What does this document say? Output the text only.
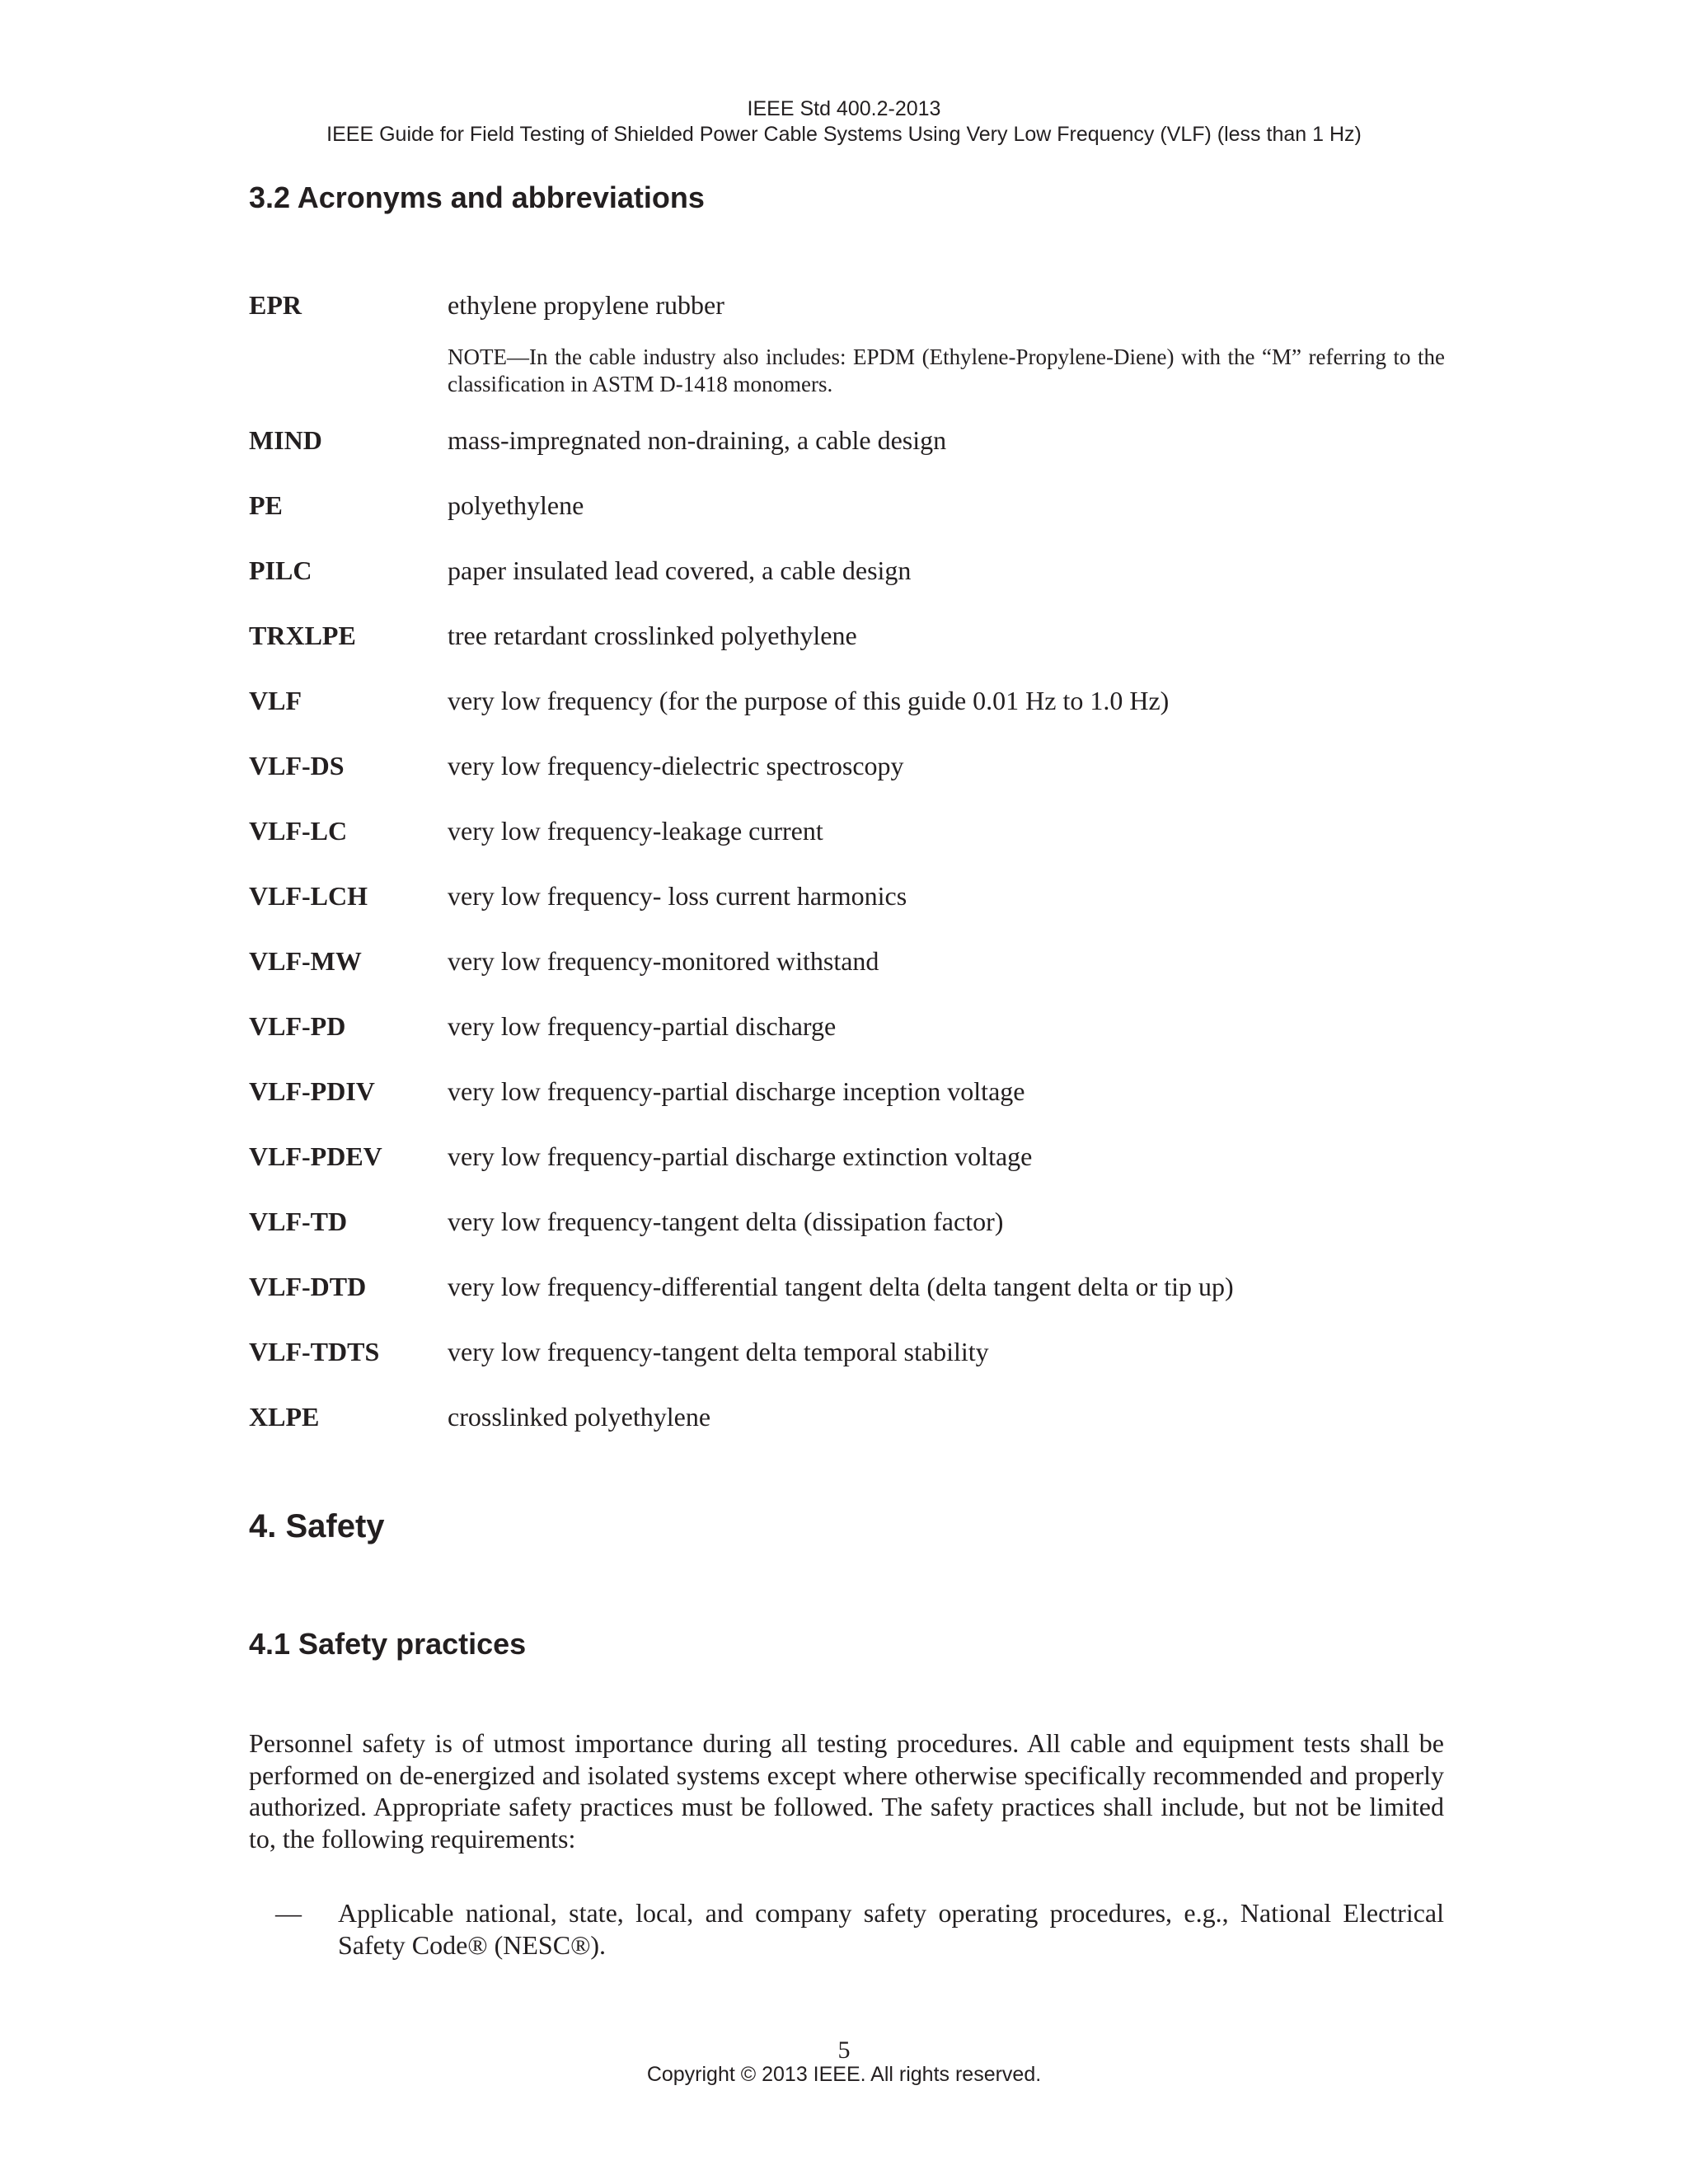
IEEE Std 400.2-2013
IEEE Guide for Field Testing of Shielded Power Cable Systems Using Very Low Frequency (VLF) (less than 1 Hz)
3.2 Acronyms and abbreviations
EPR	ethylene propylene rubber
NOTE—In the cable industry also includes: EPDM (Ethylene-Propylene-Diene) with the “M” referring to the classification in ASTM D-1418 monomers.
MIND	mass-impregnated non-draining, a cable design
PE	polyethylene
PILC	paper insulated lead covered, a cable design
TRXLPE	tree retardant crosslinked polyethylene
VLF	very low frequency (for the purpose of this guide 0.01 Hz to 1.0 Hz)
VLF-DS	very low frequency-dielectric spectroscopy
VLF-LC	very low frequency-leakage current
VLF-LCH	very low frequency- loss current harmonics
VLF-MW	very low frequency-monitored withstand
VLF-PD	very low frequency-partial discharge
VLF-PDIV	very low frequency-partial discharge inception voltage
VLF-PDEV very low frequency-partial discharge extinction voltage
VLF-TD	very low frequency-tangent delta (dissipation factor)
VLF-DTD	very low frequency-differential tangent delta (delta tangent delta or tip up)
VLF-TDTS	very low frequency-tangent delta temporal stability
XLPE	crosslinked polyethylene
4. Safety
4.1 Safety practices

Personnel safety is of utmost importance during all testing procedures. All cable and equipment tests shall be performed on de-energized and isolated systems except where otherwise specifically recommended and properly authorized. Appropriate safety practices must be followed. The safety practices shall include, but not be limited to, the following requirements:

— Applicable national, state, local, and company safety operating procedures, e.g., National Electrical Safety Code® (NESC®).
5
Copyright © 2013 IEEE. All rights reserved.
